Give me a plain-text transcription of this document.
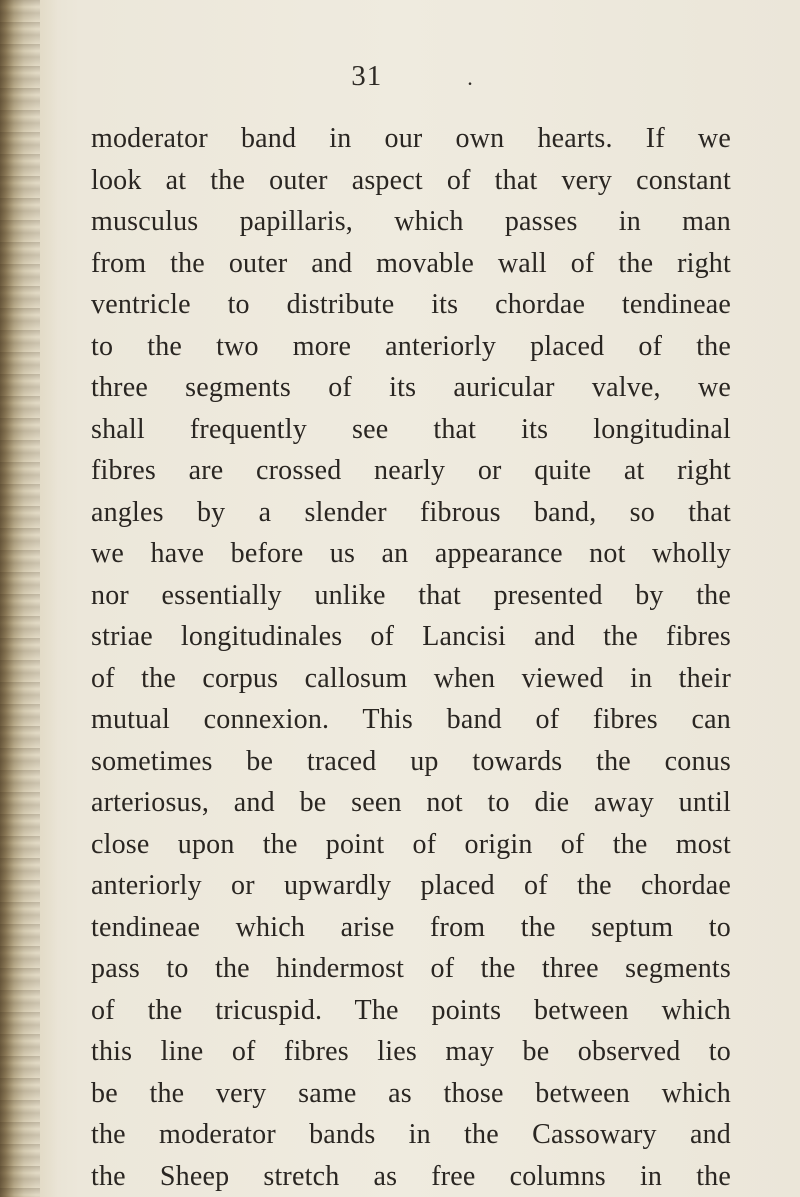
31	.
moderator band in our own hearts. If we
look at the outer aspect of that very constant
musculus papillaris, which passes in man
from the outer and movable wall of the right
ventricle to distribute its chordae tendineae
to the two more anteriorly placed of the
three segments of its auricular valve, we
shall frequently see that its longitudinal
fibres are crossed nearly or quite at right
angles by a slender fibrous band, so that
we have before us an appearance not wholly
nor essentially unlike that presented by the
striae longitudinales of Lancisi and the fibres
of the corpus callosum when viewed in their
mutual connexion. This band of fibres can
sometimes be traced up towards the conus
arteriosus, and be seen not to die away until
close upon the point of origin of the most
anteriorly or upwardly placed of the chordae
tendineae which arise from the septum to
pass to the hindermost of the three segments
of the tricuspid. The points between which
this line of fibres lies may be observed to
be the very same as those between which
the moderator bands in the Cassowary and
the Sheep stretch as free columns in the
